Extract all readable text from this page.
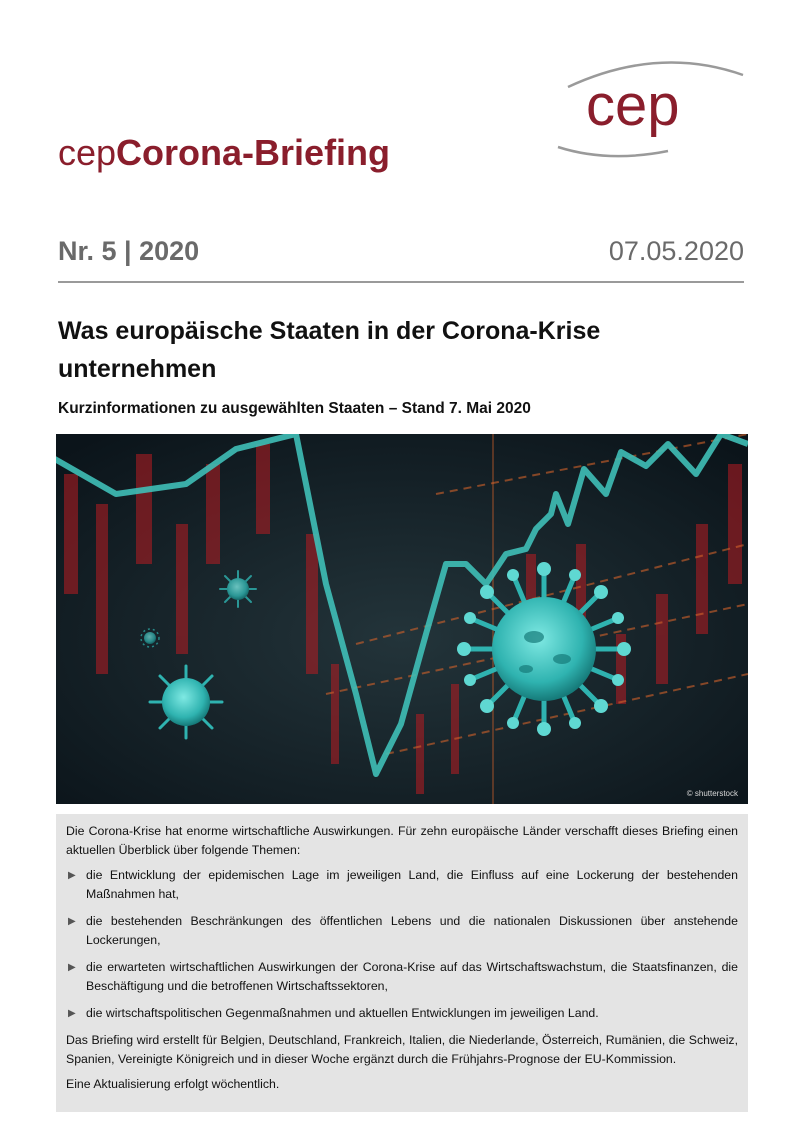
cep
cepCorona-Briefing
Nr. 5 | 2020	07.05.2020
Was europäische Staaten in der Corona-Krise unternehmen
Kurzinformationen zu ausgewählten Staaten – Stand 7. Mai 2020
© shutterstock

Die Corona-Krise hat enorme wirtschaftliche Auswirkungen. Für zehn europäische Länder verschafft dieses Briefing einen aktuellen Überblick über folgende Themen:

▶ die Entwicklung der epidemischen Lage im jeweiligen Land, die Einfluss auf eine Lockerung der bestehenden Maßnahmen hat,
▶ die bestehenden Beschränkungen des öffentlichen Lebens und die nationalen Diskussionen über anstehende Lockerungen,
▶ die erwarteten wirtschaftlichen Auswirkungen der Corona-Krise auf das Wirtschaftswachstum, die Staatsfinanzen, die Beschäftigung und die betroffenen Wirtschaftssektoren,
▶ die wirtschaftspolitischen Gegenmaßnahmen und aktuellen Entwicklungen im jeweiligen Land.

Das Briefing wird erstellt für Belgien, Deutschland, Frankreich, Italien, die Niederlande, Österreich, Rumänien, die Schweiz, Spanien, Vereinigte Königreich und in dieser Woche ergänzt durch die Frühjahrs-Prognose der EU-Kommission.

Eine Aktualisierung erfolgt wöchentlich.
